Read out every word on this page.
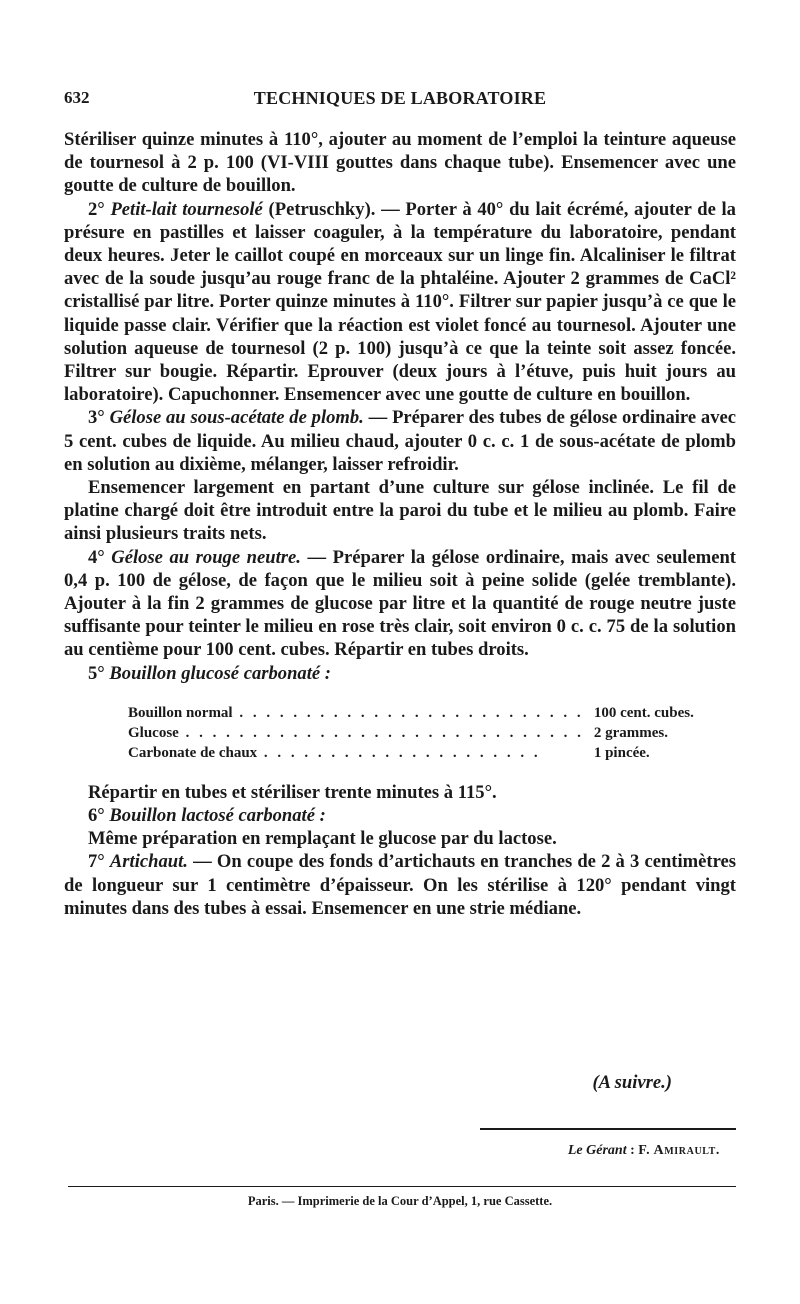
632	TECHNIQUES DE LABORATOIRE

Stériliser quinze minutes à 110°, ajouter au moment de l’emploi la teinture aqueuse de tournesol à 2 p. 100 (VI-VIII gouttes dans chaque tube). Ensemencer avec une goutte de culture de bouillon.

2° Petit-lait tournesolé (Petruschky). — Porter à 40° du lait écrémé, ajouter de la présure en pastilles et laisser coaguler, à la température du laboratoire, pendant deux heures. Jeter le caillot coupé en morceaux sur un linge fin. Alcaliniser le filtrat avec de la soude jusqu’au rouge franc de la phtaléine. Ajouter 2 grammes de CaCl² cristallisé par litre. Porter quinze minutes à 110°. Filtrer sur papier jusqu’à ce que le liquide passe clair. Vérifier que la réaction est violet foncé au tournesol. Ajouter une solution aqueuse de tournesol (2 p. 100) jusqu’à ce que la teinte soit assez foncée. Filtrer sur bougie. Répartir. Eprouver (deux jours à l’étuve, puis huit jours au laboratoire). Capuchonner. Ensemencer avec une goutte de culture en bouillon.

3° Gélose au sous-acétate de plomb. — Préparer des tubes de gélose ordinaire avec 5 cent. cubes de liquide. Au milieu chaud, ajouter 0 c. c. 1 de sous-acétate de plomb en solution au dixième, mélanger, laisser refroidir.

Ensemencer largement en partant d’une culture sur gélose inclinée. Le fil de platine chargé doit être introduit entre la paroi du tube et le milieu au plomb. Faire ainsi plusieurs traits nets.

4° Gélose au rouge neutre. — Préparer la gélose ordinaire, mais avec seulement 0,4 p. 100 de gélose, de façon que le milieu soit à peine solide (gelée tremblante). Ajouter à la fin 2 grammes de glucose par litre et la quantité de rouge neutre juste suffisante pour teinter le milieu en rose très clair, soit environ 0 c. c. 75 de la solution au centième pour 100 cent. cubes. Répartir en tubes droits.

5° Bouillon glucosé carbonaté :

Bouillon normal . . . . . . . . . . . . . . . . . . . . . . . . . .	100 cent. cubes.
Glucose . . . . . . . . . . . . . . . . . . . . . . . . . . . . . .	2 grammes.
Carbonate de chaux . . . . . . . . . . . . . . . . . . . . .	1 pincée.

Répartir en tubes et stériliser trente minutes à 115°.

6° Bouillon lactosé carbonaté :

Même préparation en remplaçant le glucose par du lactose.

7° Artichaut. — On coupe des fonds d’artichauts en tranches de 2 à 3 centimètres de longueur sur 1 centimètre d’épaisseur. On les stérilise à 120° pendant vingt minutes dans des tubes à essai. Ensemencer en une strie médiane.

(A suivre.)
Le Gérant : F. Amirault.
Paris. — Imprimerie de la Cour d’Appel, 1, rue Cassette.
